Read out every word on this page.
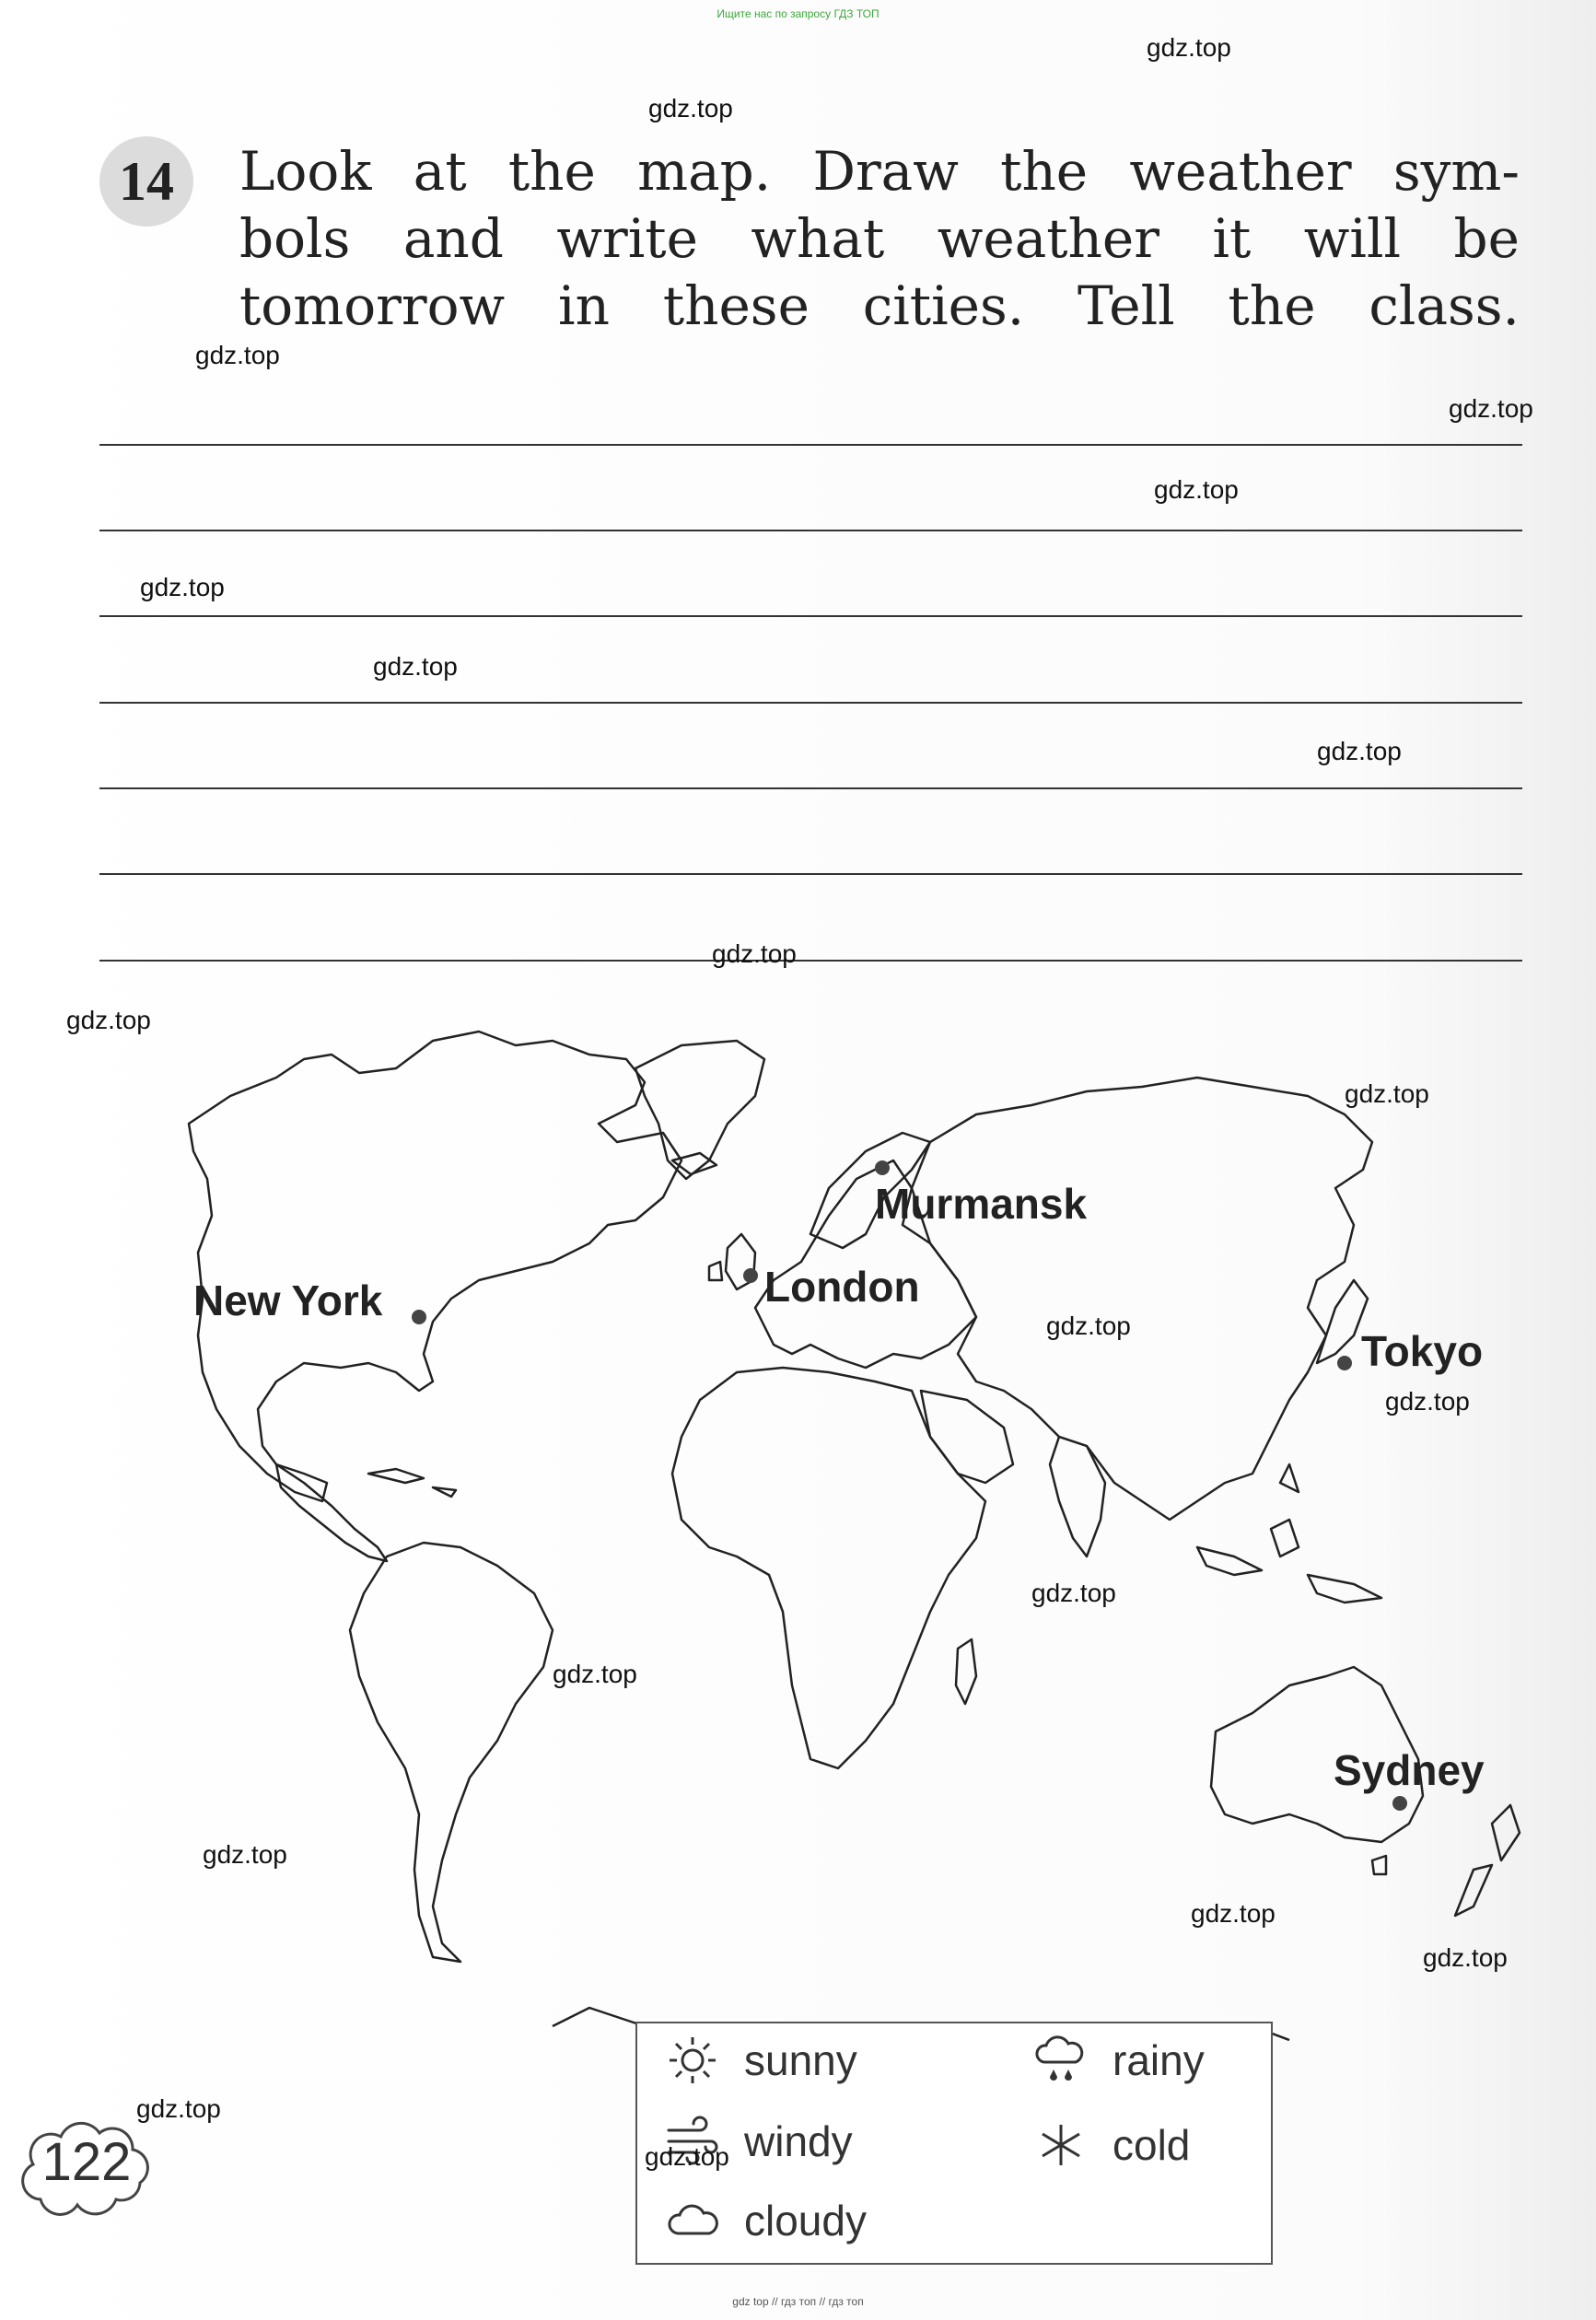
Ищите нас по запросу ГДЗ ТОП
14	Look at the map. Draw the weather sym-
bols and write what weather it will be
tomorrow in these cities. Tell the class.
Murmansk
London
New York
Tokyo
Sydney
sunny
windy
cloudy
rainy
cold
122
gdz.top
gdz.top
gdz.top
gdz.top
gdz.top
gdz.top
gdz.top
gdz.top
gdz.top
gdz.top
gdz.top
gdz.top
gdz.top
gdz.top
gdz.top
gdz.top
gdz.top
gdz.top
gdz.top
gdz.top
gdz top // гдз топ // гдз топ
